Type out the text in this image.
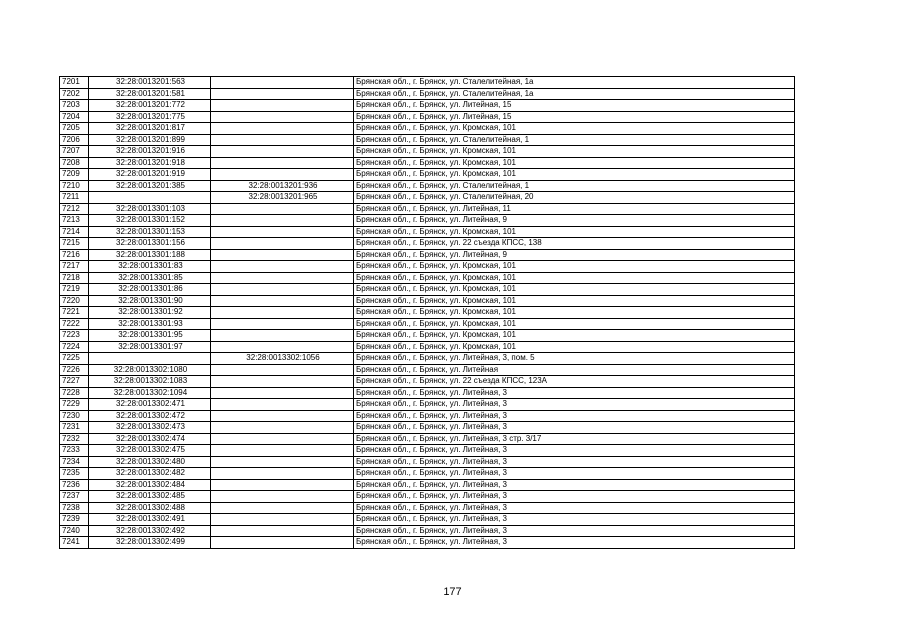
7201	32:28:0013201:563		Брянская обл., г. Брянск, ул. Сталелитейная, 1а
7202	32:28:0013201:581		Брянская обл., г. Брянск, ул. Сталелитейная, 1а
7203	32:28:0013201:772		Брянская обл., г. Брянск, ул. Литейная, 15
7204	32:28:0013201:775		Брянская обл., г. Брянск, ул. Литейная, 15
7205	32:28:0013201:817		Брянская обл., г. Брянск, ул. Кромская, 101
7206	32:28:0013201:899		Брянская обл., г. Брянск, ул. Сталелитейная, 1
7207	32:28:0013201:916		Брянская обл., г. Брянск, ул. Кромская, 101
7208	32:28:0013201:918		Брянская обл., г. Брянск, ул. Кромская, 101
7209	32:28:0013201:919		Брянская обл., г. Брянск, ул. Кромская, 101
7210	32:28:0013201:385	32:28:0013201:936	Брянская обл., г. Брянск, ул. Сталелитейная, 1
7211		32:28:0013201:965	Брянская обл., г. Брянск, ул. Сталелитейная, 20
7212	32:28:0013301:103		Брянская обл., г. Брянск, ул. Литейная, 11
7213	32:28:0013301:152		Брянская обл., г. Брянск, ул. Литейная, 9
7214	32:28:0013301:153		Брянская обл., г. Брянск, ул. Кромская, 101
7215	32:28:0013301:156		Брянская обл., г. Брянск, ул. 22 съезда КПСС, 138
7216	32:28:0013301:188		Брянская обл., г. Брянск, ул. Литейная, 9
7217	32:28:0013301:83		Брянская обл., г. Брянск, ул. Кромская, 101
7218	32:28:0013301:85		Брянская обл., г. Брянск, ул. Кромская, 101
7219	32:28:0013301:86		Брянская обл., г. Брянск, ул. Кромская, 101
7220	32:28:0013301:90		Брянская обл., г. Брянск, ул. Кромская, 101
7221	32:28:0013301:92		Брянская обл., г. Брянск, ул. Кромская, 101
7222	32:28:0013301:93		Брянская обл., г. Брянск, ул. Кромская, 101
7223	32:28:0013301:95		Брянская обл., г. Брянск, ул. Кромская, 101
7224	32:28:0013301:97		Брянская обл., г. Брянск, ул. Кромская, 101
7225		32:28:0013302:1056	Брянская обл., г. Брянск, ул. Литейная, 3, пом. 5
7226	32:28:0013302:1080		Брянская обл., г. Брянск, ул. Литейная
7227	32:28:0013302:1083		Брянская обл., г. Брянск, ул. 22 съезда КПСС, 123А
7228	32:28:0013302:1094		Брянская обл., г. Брянск, ул. Литейная, 3
7229	32:28:0013302:471		Брянская обл., г. Брянск, ул. Литейная, 3
7230	32:28:0013302:472		Брянская обл., г. Брянск, ул. Литейная, 3
7231	32:28:0013302:473		Брянская обл., г. Брянск, ул. Литейная, 3
7232	32:28:0013302:474		Брянская обл., г. Брянск, ул. Литейная, 3 стр. 3/17
7233	32:28:0013302:475		Брянская обл., г. Брянск, ул. Литейная, 3
7234	32:28:0013302:480		Брянская обл., г. Брянск, ул. Литейная, 3
7235	32:28:0013302:482		Брянская обл., г. Брянск, ул. Литейная, 3
7236	32:28:0013302:484		Брянская обл., г. Брянск, ул. Литейная, 3
7237	32:28:0013302:485		Брянская обл., г. Брянск, ул. Литейная, 3
7238	32:28:0013302:488		Брянская обл., г. Брянск, ул. Литейная, 3
7239	32:28:0013302:491		Брянская обл., г. Брянск, ул. Литейная, 3
7240	32:28:0013302:492		Брянская обл., г. Брянск, ул. Литейная, 3
7241	32:28:0013302:499		Брянская обл., г. Брянск, ул. Литейная, 3
177
